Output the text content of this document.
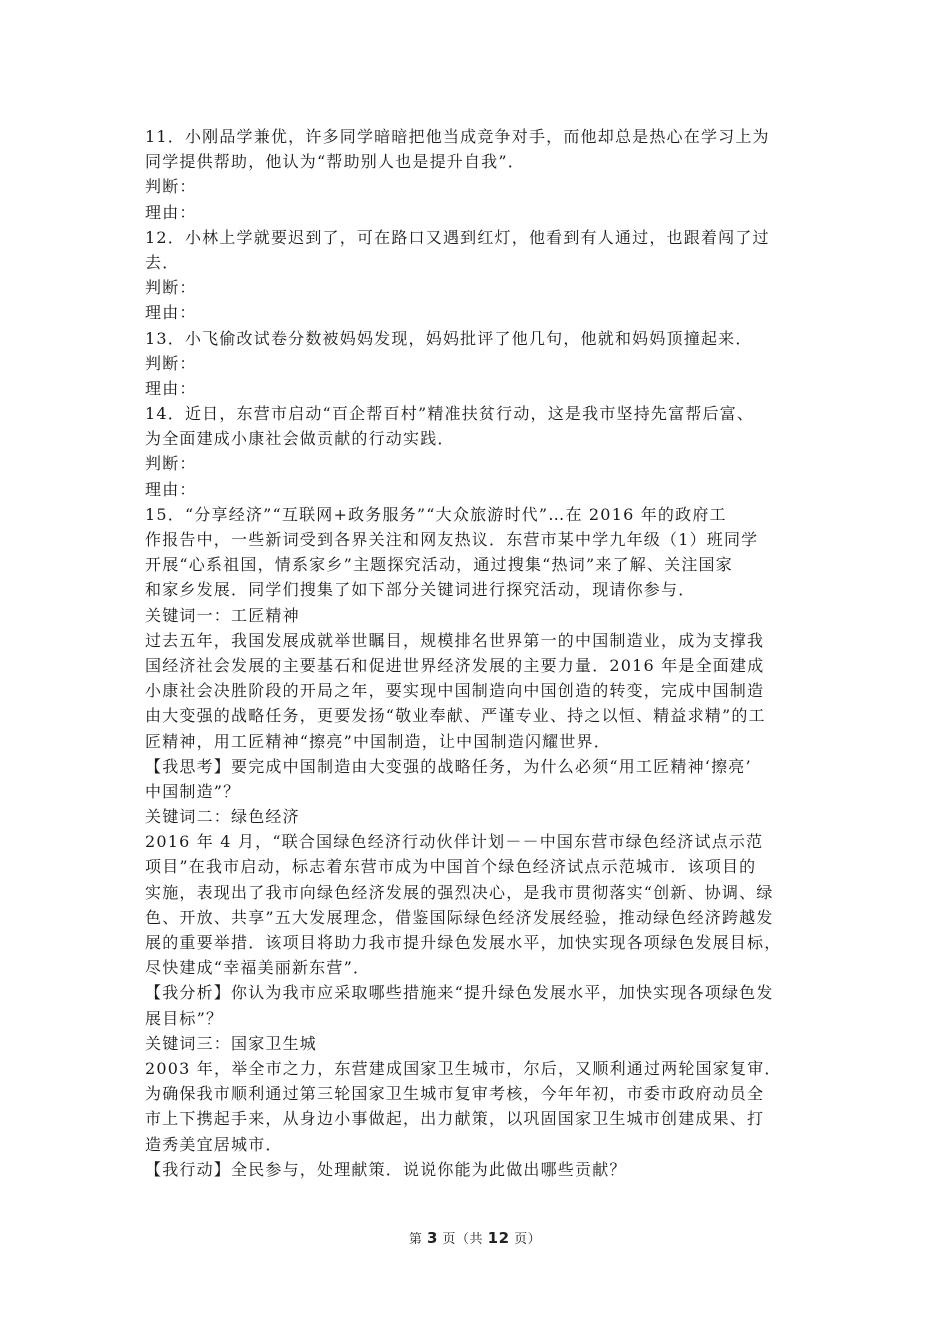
11．小刚品学兼优，许多同学暗暗把他当成竞争对手，而他却总是热心在学习上为
同学提供帮助，他认为“帮助别人也是提升自我”．
判断：
理由：
12．小林上学就要迟到了，可在路口又遇到红灯，他看到有人通过，也跟着闯了过
去．
判断：
理由：
13．小飞偷改试卷分数被妈妈发现，妈妈批评了他几句，他就和妈妈顶撞起来．
判断：
理由：
14．近日，东营市启动“百企帮百村”精准扶贫行动，这是我市坚持先富帮后富、
为全面建成小康社会做贡献的行动实践．
判断：
理由：
15．“分享经济”“互联网+政务服务”“大众旅游时代”…在 2016 年的政府工
作报告中，一些新词受到各界关注和网友热议．东营市某中学九年级（1）班同学
开展“心系祖国，情系家乡”主题探究活动，通过搜集“热词”来了解、关注国家
和家乡发展．同学们搜集了如下部分关键词进行探究活动，现请你参与．
关键词一：工匠精神
过去五年，我国发展成就举世瞩目，规模排名世界第一的中国制造业，成为支撑我
国经济社会发展的主要基石和促进世界经济发展的主要力量．2016 年是全面建成
小康社会决胜阶段的开局之年，要实现中国制造向中国创造的转变，完成中国制造
由大变强的战略任务，更要发扬“敬业奉献、严谨专业、持之以恒、精益求精”的工
匠精神，用工匠精神“擦亮”中国制造，让中国制造闪耀世界．
【我思考】要完成中国制造由大变强的战略任务，为什么必须“用工匠精神‘擦亮’
中国制造”？
关键词二：绿色经济
2016 年 4 月，“联合国绿色经济行动伙伴计划－－中国东营市绿色经济试点示范
项目”在我市启动，标志着东营市成为中国首个绿色经济试点示范城市．该项目的
实施，表现出了我市向绿色经济发展的强烈决心，是我市贯彻落实“创新、协调、绿
色、开放、共享”五大发展理念，借鉴国际绿色经济发展经验，推动绿色经济跨越发
展的重要举措．该项目将助力我市提升绿色发展水平，加快实现各项绿色发展目标，
尽快建成“幸福美丽新东营”．
【我分析】你认为我市应采取哪些措施来“提升绿色发展水平，加快实现各项绿色发
展目标”？
关键词三：国家卫生城
2003 年，举全市之力，东营建成国家卫生城市，尔后，又顺利通过两轮国家复审．
为确保我市顺利通过第三轮国家卫生城市复审考核，今年年初，市委市政府动员全
市上下携起手来，从身边小事做起，出力献策，以巩固国家卫生城市创建成果、打
造秀美宜居城市．
【我行动】全民参与，处理献策．说说你能为此做出哪些贡献？
第 3 页（共 12 页）
